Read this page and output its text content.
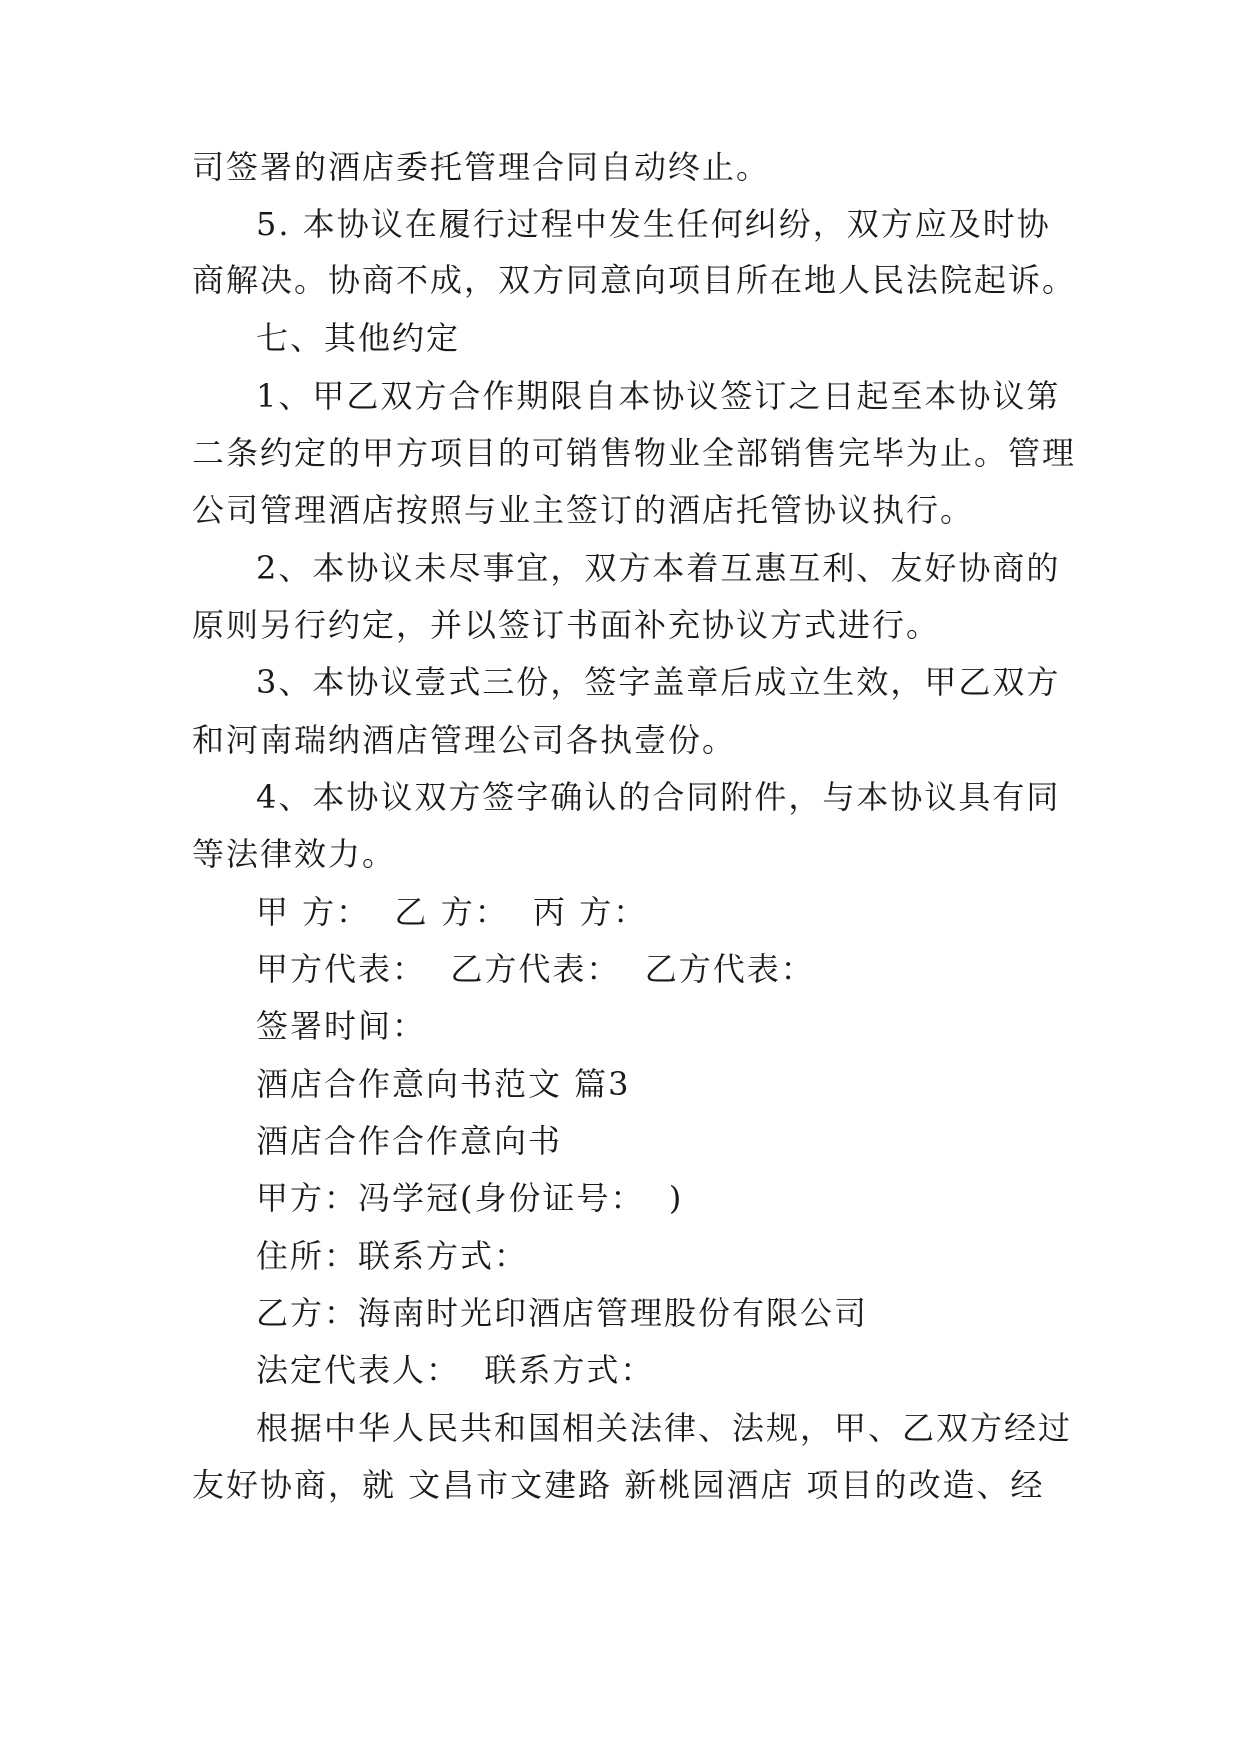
司签署的酒店委托管理合同自动终止。
5. 本协议在履行过程中发生任何纠纷，双方应及时协
商解决。协商不成，双方同意向项目所在地人民法院起诉。
七、其他约定
1、甲乙双方合作期限自本协议签订之日起至本协议第
二条约定的甲方项目的可销售物业全部销售完毕为止。管理
公司管理酒店按照与业主签订的酒店托管协议执行。
2、本协议未尽事宜，双方本着互惠互利、友好协商的
原则另行约定，并以签订书面补充协议方式进行。
3、本协议壹式三份，签字盖章后成立生效，甲乙双方
和河南瑞纳酒店管理公司各执壹份。
4、本协议双方签字确认的合同附件，与本协议具有同
等法律效力。
甲 方：  乙 方：  丙 方：
甲方代表：  乙方代表：  乙方代表：
签署时间：
酒店合作意向书范文 篇3
酒店合作合作意向书
甲方：冯学冠(身份证号：  )
住所：联系方式：
乙方：海南时光印酒店管理股份有限公司
法定代表人：  联系方式：
根据中华人民共和国相关法律、法规，甲、乙双方经过
友好协商，就 文昌市文建路 新桃园酒店 项目的改造、经
